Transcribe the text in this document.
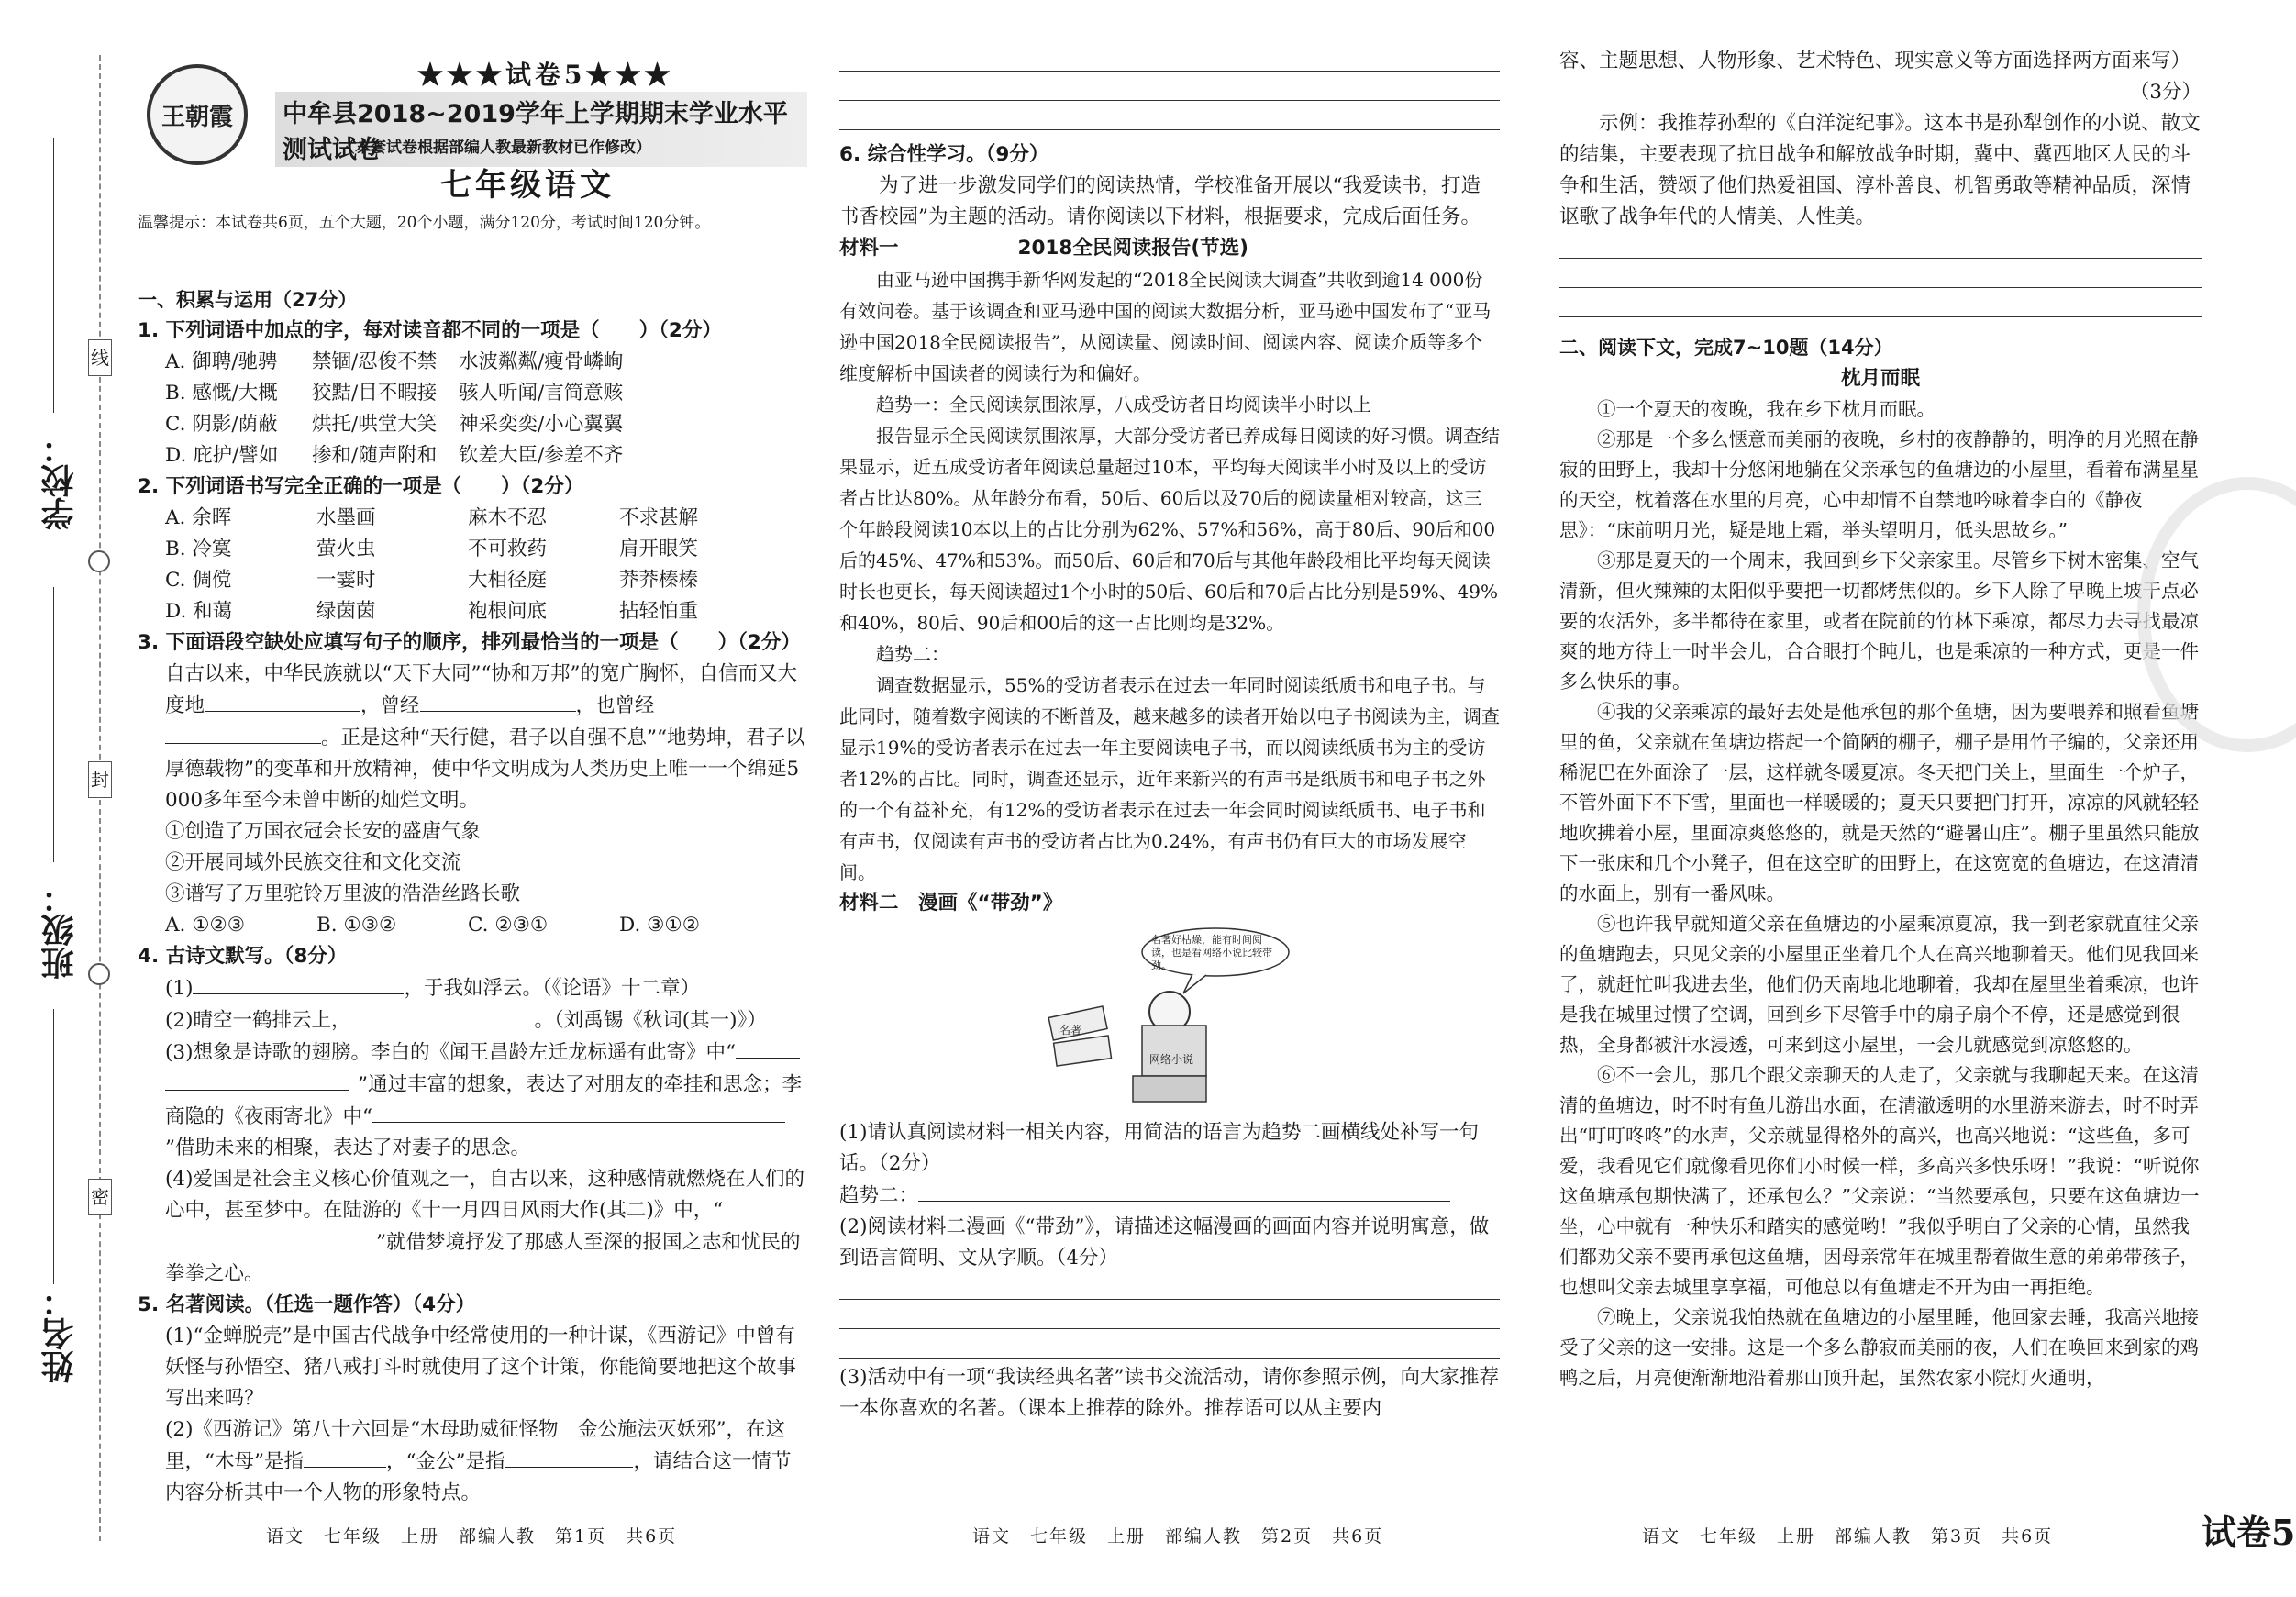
线
封
密
学校：
班级：
姓名：
王朝霞
★★★试卷5★★★
中牟县2018~2019学年上学期期末学业水平测试试卷
（本套试卷根据部编人教最新教材已作修改）
七年级语文
温馨提示：本试卷共6页，五个大题，20个小题，满分120分，考试时间120分钟。
一、积累与运用（27分）
1. 下列词语中加点的字，每对读音都不同的一项是（　　）（2分）
A. 御聘/驰骋	禁锢/忍俊不禁	水波粼粼/瘦骨嶙峋
B. 感慨/大概	狡黠/目不暇接	骇人听闻/言简意赅
C. 阴影/荫蔽	烘托/哄堂大笑	神采奕奕/小心翼翼
D. 庇护/譬如	掺和/随声附和	钦差大臣/参差不齐
2. 下列词语书写完全正确的一项是（　　）（2分）
A. 余晖	水墨画	麻木不忍	不求甚解
B. 冷寞	萤火虫	不可救药	肩开眼笑
C. 倜傥	一霎时	大相径庭	莽莽榛榛
D. 和蔼	绿茵茵	袍根问底	拈轻怕重
3. 下面语段空缺处应填写句子的顺序，排列最恰当的一项是（　　）（2分）
自古以来，中华民族就以“天下大同”“协和万邦”的宽广胸怀，自信而又大度地	，曾经	，也曾经。正是这种“天行健，君子以自强不息”“地势坤，君子以厚德载物”的变革和开放精神，使中华文明成为人类历史上唯一一个绵延5 000多年至今未曾中断的灿烂文明。
①创造了万国衣冠会长安的盛唐气象
②开展同域外民族交往和文化交流
③谱写了万里驼铃万里波的浩浩丝路长歌
A. ①②③	B. ①③②	C. ②③①	D. ③①②
4. 古诗文默写。（8分）
(1)	，于我如浮云。（《论语》十二章）
(2)晴空一鹤排云上，	。（刘禹锡《秋词(其一)》）
(3)想象是诗歌的翅膀。李白的《闻王昌龄左迁龙标遥有此寄》中“”通过丰富的想象，表达了对朋友的牵挂和思念；李商隐的《夜雨寄北》中“”借助未来的相聚，表达了对妻子的思念。
(4)爱国是社会主义核心价值观之一，自古以来，这种感情就燃烧在人们的心中，甚至梦中。在陆游的《十一月四日风雨大作(其二)》中，“”就借梦境抒发了那感人至深的报国之志和忧民的拳拳之心。
5. 名著阅读。（任选一题作答）（4分）
(1)“金蝉脱壳”是中国古代战争中经常使用的一种计谋，《西游记》中曾有妖怪与孙悟空、猪八戒打斗时就使用了这个计策，你能简要地把这个故事写出来吗？
(2)《西游记》第八十六回是“木母助威征怪物　金公施法灭妖邪”，在这里，“木母”是指	，“金公”是指	，请结合这一情节内容分析其中一个人物的形象特点。
语文　七年级　上册　部编人教　第1页　共6页
6. 综合性学习。（9分）
为了进一步激发同学们的阅读热情，学校准备开展以“我爱读书，打造书香校园”为主题的活动。请你阅读以下材料，根据要求，完成后面任务。
材料一	2018全民阅读报告(节选)
由亚马逊中国携手新华网发起的“2018全民阅读大调查”共收到逾14 000份有效问卷。基于该调查和亚马逊中国的阅读大数据分析，亚马逊中国发布了“亚马逊中国2018全民阅读报告”，从阅读量、阅读时间、阅读内容、阅读介质等多个维度解析中国读者的阅读行为和偏好。
趋势一：全民阅读氛围浓厚，八成受访者日均阅读半小时以上
报告显示全民阅读氛围浓厚，大部分受访者已养成每日阅读的好习惯。调查结果显示，近五成受访者年阅读总量超过10本，平均每天阅读半小时及以上的受访者占比达80%。从年龄分布看，50后、60后以及70后的阅读量相对较高，这三个年龄段阅读10本以上的占比分别为62%、57%和56%，高于80后、90后和00后的45%、47%和53%。而50后、60后和70后与其他年龄段相比平均每天阅读时长也更长，每天阅读超过1个小时的50后、60后和70后占比分别是59%、49%和40%，80后、90后和00后的这一占比则均是32%。
趋势二：
调查数据显示，55%的受访者表示在过去一年同时阅读纸质书和电子书。与此同时，随着数字阅读的不断普及，越来越多的读者开始以电子书阅读为主，调查显示19%的受访者表示在过去一年主要阅读电子书，而以阅读纸质书为主的受访者12%的占比。同时，调查还显示，近年来新兴的有声书是纸质书和电子书之外的一个有益补充，有12%的受访者表示在过去一年会同时阅读纸质书、电子书和有声书，仅阅读有声书的受访者占比为0.24%，有声书仍有巨大的市场发展空间。
材料二　漫画《“带劲”》
名著好枯燥，能有时间阅读，也是看网络小说比较带劲。
名著
网络小说
(1)请认真阅读材料一相关内容，用简洁的语言为趋势二画横线处补写一句话。（2分）
趋势二：
(2)阅读材料二漫画《“带劲”》，请描述这幅漫画的画面内容并说明寓意，做到语言简明、文从字顺。（4分）
(3)活动中有一项“我读经典名著”读书交流活动，请你参照示例，向大家推荐一本你喜欢的名著。（课本上推荐的除外。推荐语可以从主要内
语文　七年级　上册　部编人教　第2页　共6页
容、主题思想、人物形象、艺术特色、现实意义等方面选择两方面来写）
（3分）
示例：我推荐孙犁的《白洋淀纪事》。这本书是孙犁创作的小说、散文的结集，主要表现了抗日战争和解放战争时期，冀中、冀西地区人民的斗争和生活，赞颂了他们热爱祖国、淳朴善良、机智勇敢等精神品质，深情讴歌了战争年代的人情美、人性美。
二、阅读下文，完成7~10题（14分）
枕月而眠
①一个夏天的夜晚，我在乡下枕月而眠。
②那是一个多么惬意而美丽的夜晚，乡村的夜静静的，明净的月光照在静寂的田野上，我却十分悠闲地躺在父亲承包的鱼塘边的小屋里，看着布满星星的天空，枕着落在水里的月亮，心中却情不自禁地吟咏着李白的《静夜思》：“床前明月光，疑是地上霜，举头望明月，低头思故乡。”
③那是夏天的一个周末，我回到乡下父亲家里。尽管乡下树木密集、空气清新，但火辣辣的太阳似乎要把一切都烤焦似的。乡下人除了早晚上坡干点必要的农活外，多半都待在家里，或者在院前的竹林下乘凉，都尽力去寻找最凉爽的地方待上一时半会儿，合合眼打个盹儿，也是乘凉的一种方式，更是一件多么快乐的事。
④我的父亲乘凉的最好去处是他承包的那个鱼塘，因为要喂养和照看鱼塘里的鱼，父亲就在鱼塘边搭起一个简陋的棚子，棚子是用竹子编的，父亲还用稀泥巴在外面涂了一层，这样就冬暖夏凉。冬天把门关上，里面生一个炉子，不管外面下不下雪，里面也一样暖暖的；夏天只要把门打开，凉凉的风就轻轻地吹拂着小屋，里面凉爽悠悠的，就是天然的“避暑山庄”。棚子里虽然只能放下一张床和几个小凳子，但在这空旷的田野上，在这宽宽的鱼塘边，在这清清的水面上，别有一番风味。
⑤也许我早就知道父亲在鱼塘边的小屋乘凉夏凉，我一到老家就直往父亲的鱼塘跑去，只见父亲的小屋里正坐着几个人在高兴地聊着天。他们见我回来了，就赶忙叫我进去坐，他们仍天南地北地聊着，我却在屋里坐着乘凉，也许是我在城里过惯了空调，回到乡下尽管手中的扇子扇个不停，还是感觉到很热，全身都被汗水浸透，可来到这小屋里，一会儿就感觉到凉悠悠的。
⑥不一会儿，那几个跟父亲聊天的人走了，父亲就与我聊起天来。在这清清的鱼塘边，时不时有鱼儿游出水面，在清澈透明的水里游来游去，时不时弄出“叮叮咚咚”的水声，父亲就显得格外的高兴，也高兴地说：“这些鱼，多可爱，我看见它们就像看见你们小时候一样，多高兴多快乐呀！”我说：“听说你这鱼塘承包期快满了，还承包么？”父亲说：“当然要承包，只要在这鱼塘边一坐，心中就有一种快乐和踏实的感觉哟！”我似乎明白了父亲的心情，虽然我们都劝父亲不要再承包这鱼塘，因母亲常年在城里帮着做生意的弟弟带孩子，也想叫父亲去城里享享福，可他总以有鱼塘走不开为由一再拒绝。
⑦晚上，父亲说我怕热就在鱼塘边的小屋里睡，他回家去睡，我高兴地接受了父亲的这一安排。这是一个多么静寂而美丽的夜，人们在唤回来到家的鸡鸭之后，月亮便渐渐地沿着那山顶升起，虽然农家小院灯火通明，
语文　七年级　上册　部编人教　第3页　共6页	试卷5
